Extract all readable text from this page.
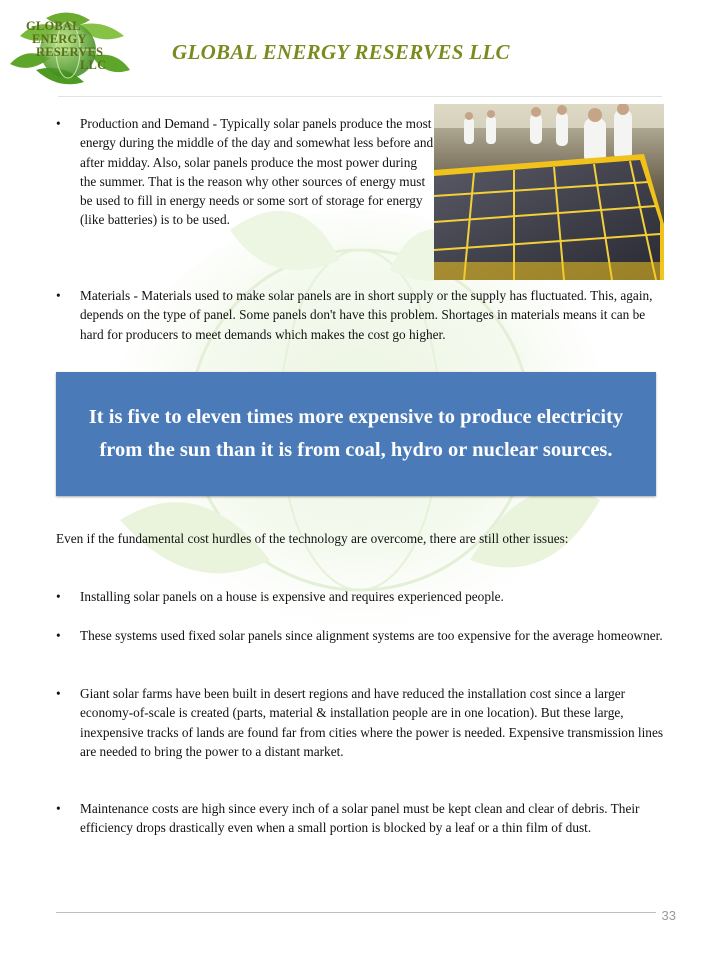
GLOBAL
ENERGY
RESERVES
LLC
GLOBAL ENERGY RESERVES LLC
•	Production and Demand - Typically solar panels produce the most energy during the middle of the day and somewhat less before and after midday. Also, solar panels produce the most power during the summer. That is the reason why other sources of energy must be used to fill in energy needs or some sort of storage for energy (like batteries) is to be used.
•	Materials - Materials used to make solar panels are in short supply or the supply has fluctuated. This, again, depends on the type of panel. Some panels don't have this problem. Shortages in materials means it can be hard for producers to meet demands which makes the cost go higher.
It is five to eleven times more expensive to produce electricity from the sun than it is from coal, hydro or nuclear sources.

Even if the fundamental cost hurdles of the technology are overcome, there are still other issues:

•	Installing solar panels on a house is expensive and requires experienced people.
•	These systems used fixed solar panels since alignment systems are too expensive for the average homeowner.
•	Giant solar farms have been built in desert regions and have reduced the installation cost since a larger economy-of-scale is created (parts, material & installation people are in one location). But these large, inexpensive tracks of lands are found far from cities where the power is needed. Expensive transmission lines are needed to bring the power to a distant market.
•	Maintenance costs are high since every inch of a solar panel must be kept clean and clear of debris. Their efficiency drops drastically even when a small portion is blocked by a leaf or a thin film of dust.
33
